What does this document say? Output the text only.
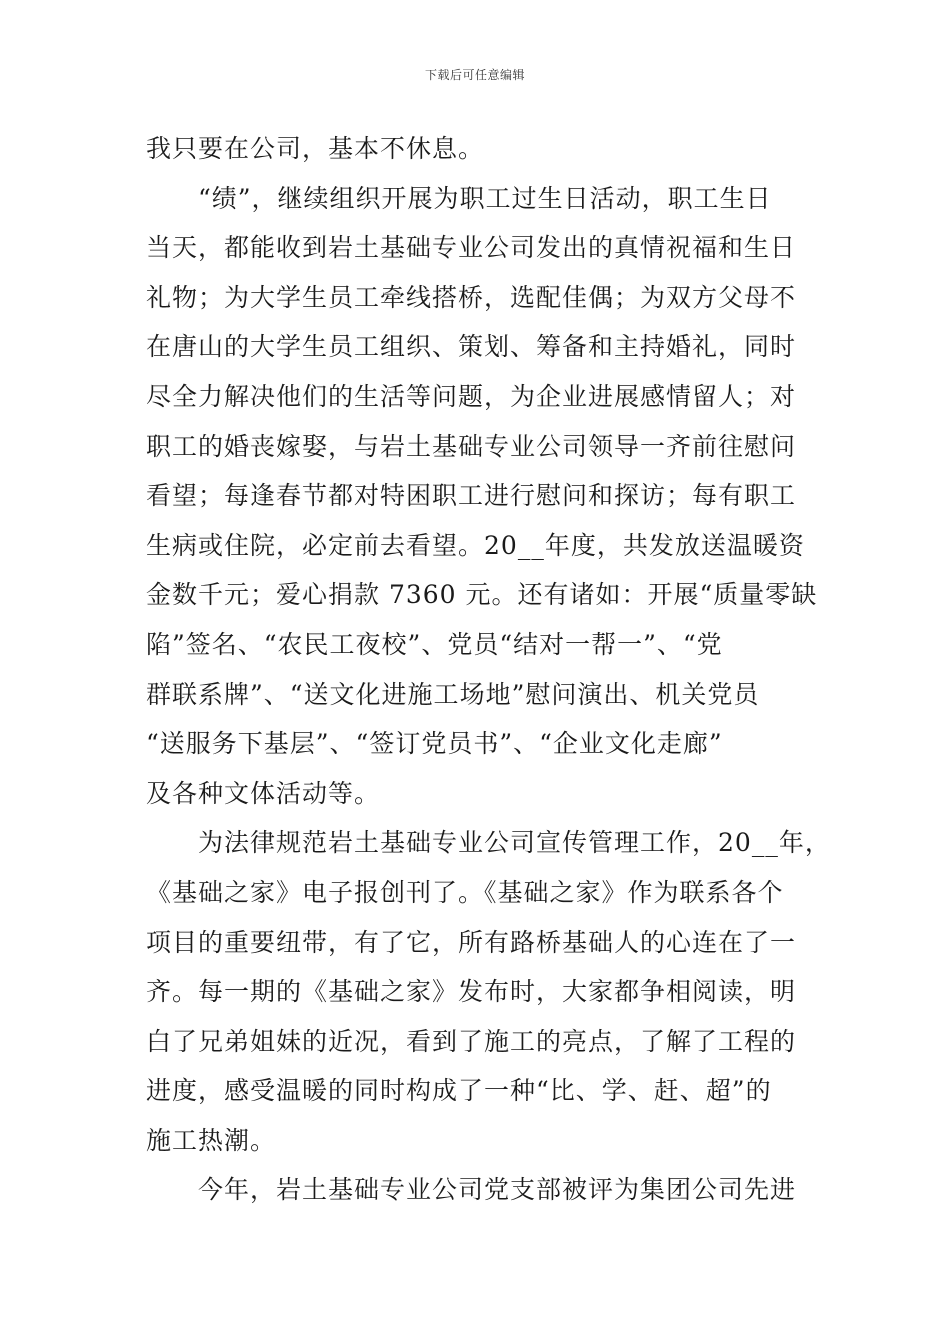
下载后可任意编辑
我只要在公司，基本不休息。
　　“绩”，继续组织开展为职工过生日活动，职工生日
当天，都能收到岩土基础专业公司发出的真情祝福和生日
礼物；为大学生员工牵线搭桥，选配佳偶；为双方父母不
在唐山的大学生员工组织、策划、筹备和主持婚礼，同时
尽全力解决他们的生活等问题，为企业进展感情留人；对
职工的婚丧嫁娶，与岩土基础专业公司领导一齐前往慰问
看望；每逢春节都对特困职工进行慰问和探访；每有职工
生病或住院，必定前去看望。20__年度，共发放送温暖资
金数千元；爱心捐款 7360 元。还有诸如：开展“质量零缺
陷”签名、“农民工夜校”、党员“结对一帮一”、“党
群联系牌”、“送文化进施工场地”慰问演出、机关党员
“送服务下基层”、“签订党员书”、“企业文化走廊”
及各种文体活动等。
　　为法律规范岩土基础专业公司宣传管理工作，20__年，
《基础之家》电子报创刊了。《基础之家》作为联系各个
项目的重要纽带，有了它，所有路桥基础人的心连在了一
齐。每一期的《基础之家》发布时，大家都争相阅读，明
白了兄弟姐妹的近况，看到了施工的亮点，了解了工程的
进度，感受温暖的同时构成了一种“比、学、赶、超”的
施工热潮。
　　今年，岩土基础专业公司党支部被评为集团公司先进
